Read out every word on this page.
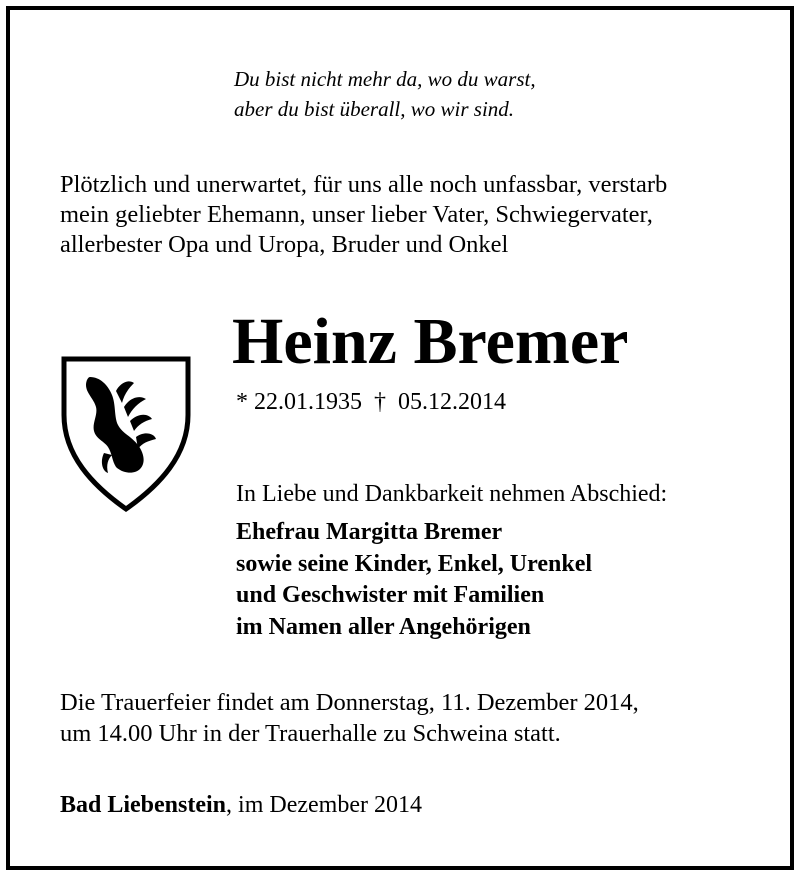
Du bist nicht mehr da, wo du warst,
aber du bist überall, wo wir sind.
Plötzlich und unerwartet, für uns alle noch unfassbar, verstarb
mein geliebter Ehemann, unser lieber Vater, Schwiegervater,
allerbester Opa und Uropa, Bruder und Onkel
Heinz Bremer
* 22.01.1935 † 05.12.2014
In Liebe und Dankbarkeit nehmen Abschied:
Ehefrau Margitta Bremer
sowie seine Kinder, Enkel, Urenkel
und Geschwister mit Familien
im Namen aller Angehörigen
Die Trauerfeier findet am Donnerstag, 11. Dezember 2014,
um 14.00 Uhr in der Trauerhalle zu Schweina statt.
Bad Liebenstein, im Dezember 2014
